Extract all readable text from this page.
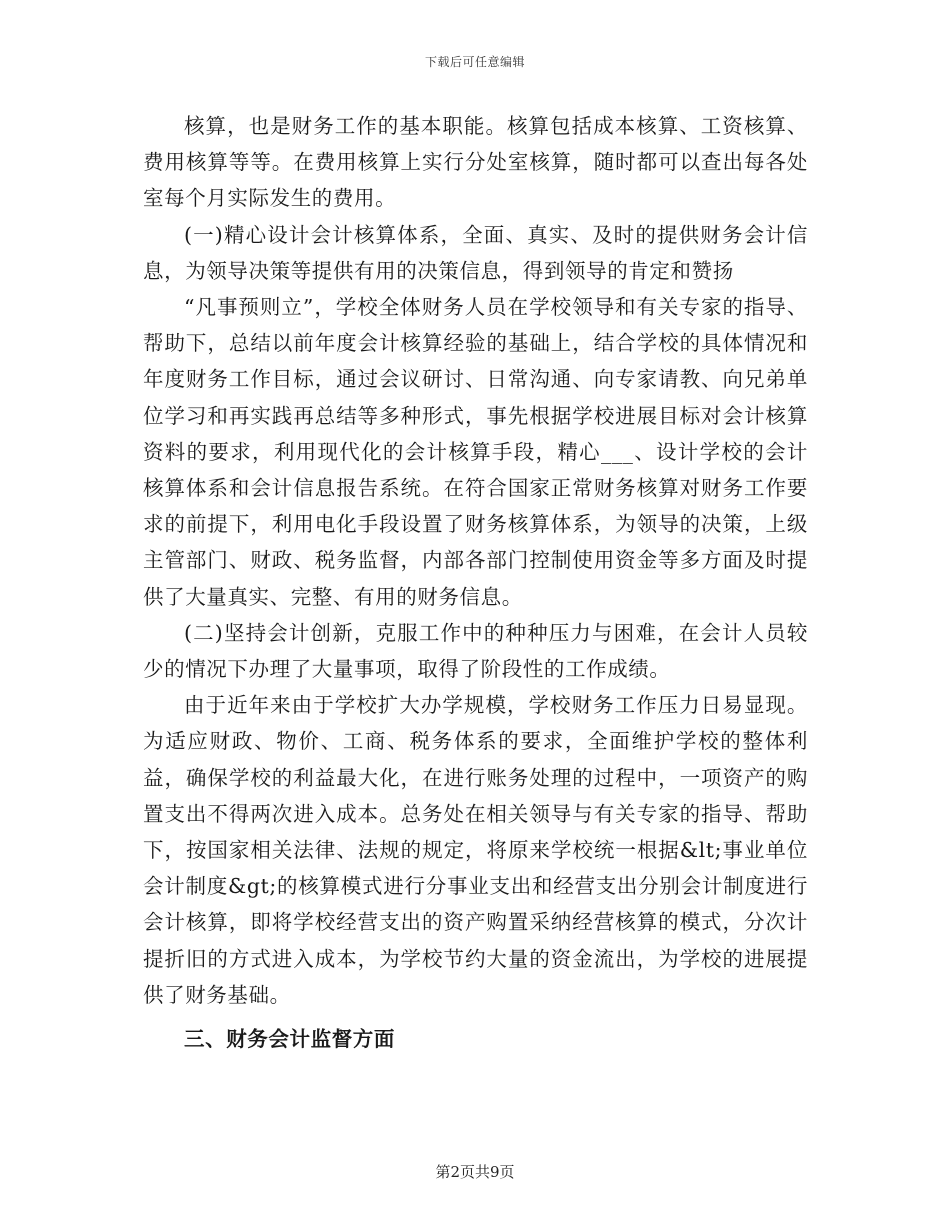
下载后可任意编辑

核算，也是财务工作的基本职能。核算包括成本核算、工资核算、费用核算等等。在费用核算上实行分处室核算，随时都可以查出每各处室每个月实际发生的费用。

(一)精心设计会计核算体系，全面、真实、及时的提供财务会计信息，为领导决策等提供有用的决策信息，得到领导的肯定和赞扬

“凡事预则立”，学校全体财务人员在学校领导和有关专家的指导、帮助下，总结以前年度会计核算经验的基础上，结合学校的具体情况和年度财务工作目标，通过会议研讨、日常沟通、向专家请教、向兄弟单位学习和再实践再总结等多种形式，事先根据学校进展目标对会计核算资料的要求，利用现代化的会计核算手段，精心___、设计学校的会计核算体系和会计信息报告系统。在符合国家正常财务核算对财务工作要求的前提下，利用电化手段设置了财务核算体系，为领导的决策，上级主管部门、财政、税务监督，内部各部门控制使用资金等多方面及时提供了大量真实、完整、有用的财务信息。

(二)坚持会计创新，克服工作中的种种压力与困难，在会计人员较少的情况下办理了大量事项，取得了阶段性的工作成绩。

由于近年来由于学校扩大办学规模，学校财务工作压力日易显现。为适应财政、物价、工商、税务体系的要求，全面维护学校的整体利益，确保学校的利益最大化，在进行账务处理的过程中，一项资产的购置支出不得两次进入成本。总务处在相关领导与有关专家的指导、帮助下，按国家相关法律、法规的规定，将原来学校统一根据&lt;事业单位会计制度&gt;的核算模式进行分事业支出和经营支出分别会计制度进行会计核算，即将学校经营支出的资产购置采纳经营核算的模式，分次计提折旧的方式进入成本，为学校节约大量的资金流出，为学校的进展提供了财务基础。

三、财务会计监督方面

第2页共9页
